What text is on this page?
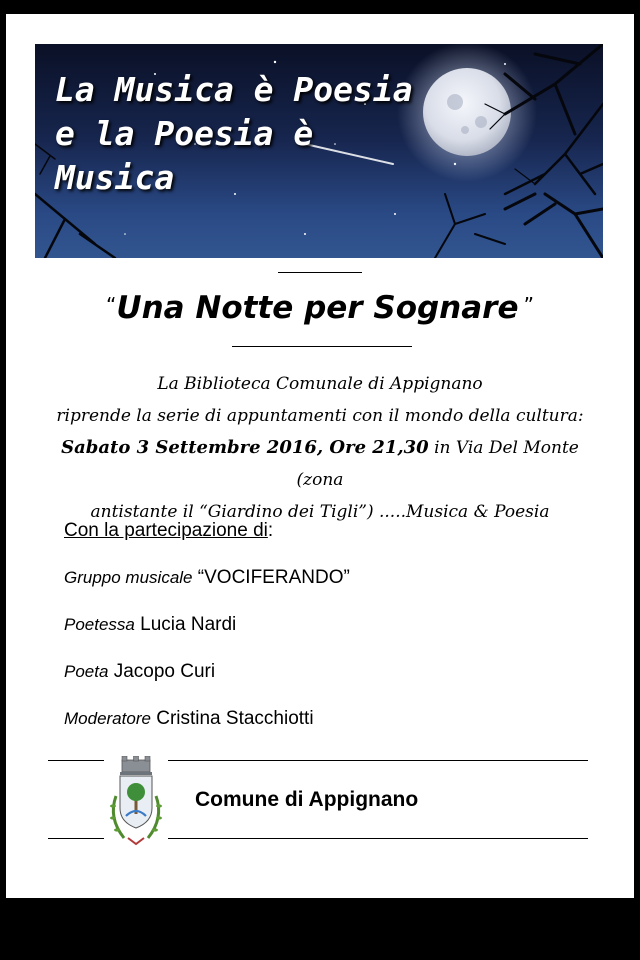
La Musica è Poesia
e la Poesia è
Musica
“Una Notte per Sognare ”
La Biblioteca Comunale di Appignano
riprende la serie di appuntamenti con il mondo della cultura:
Sabato 3 Settembre 2016, Ore 21,30 in Via Del Monte (zona
antistante il “Giardino dei Tigli”) .....Musica & Poesia
Con la partecipazione di:
Gruppo musicale “VOCIFERANDO”
Poetessa Lucia Nardi
Poeta Jacopo Curi
Moderatore Cristina Stacchiotti
Comune di Appignano
